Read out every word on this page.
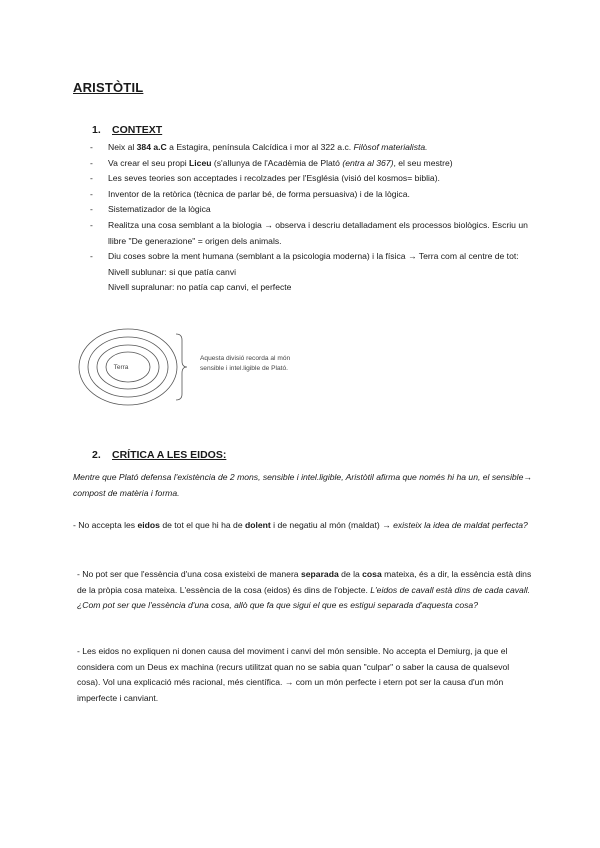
ARISTÒTIL
1. CONTEXT
- Neix al 384 a.C a Estagira, península Calcídica i mor al 322 a.c. Filòsof materialista.
- Va crear el seu propi Liceu (s'allunya de l'Acadèmia de Plató (entra al 367), el seu mestre)
- Les seves teories son acceptades i recolzades per l'Església (visió del kosmos= biblia).
- Inventor de la retòrica (tècnica de parlar bé, de forma persuasiva) i de la lògica.
- Sistematizador de la lògica
- Realitza una cosa semblant a la biologia → observa i descriu detalladament els processos biològics. Escriu un llibre "De generazione" = origen dels animals.
- Diu coses sobre la ment humana (semblant a la psicologia moderna) i la física → Terra com al centre de tot:
Nivell sublunar: si que patía canvi
Nivell supralunar: no patía cap canvi, el perfecte
Terra
Aquesta divisió recorda al món
sensible i intel.ligible de Plató.
2. CRÍTICA A LES EIDOS:

Mentre que Plató defensa l'existència de 2 mons, sensible i intel.ligible, Aristòtil afirma que només hi ha un, el sensible→ compost de matèria i forma.

- No accepta les eidos de tot el que hi ha de dolent i de negatiu al món (maldat) → existeix la idea de maldat perfecta?

- No pot ser que l'essència d'una cosa existeixi de manera separada de la cosa mateixa, és a dir, la essència està dins de la pròpia cosa mateixa. L'essència de la cosa (eidos) és dins de l'objecte. L'eidos de cavall està dins de cada cavall. ¿Com pot ser que l'essència d'una cosa, allò que fa que sigui el que es estigui separada d'aquesta cosa?

- Les eidos no expliquen ni donen causa del moviment i canvi del món sensible. No accepta el Demiurg, ja que el considera com un Deus ex machina (recurs utilitzat quan no se sabia quan "culpar" o saber la causa de qualsevol cosa). Vol una explicació més racional, més científica. → com un món perfecte i etern pot ser la causa d'un món imperfecte i canviant.
